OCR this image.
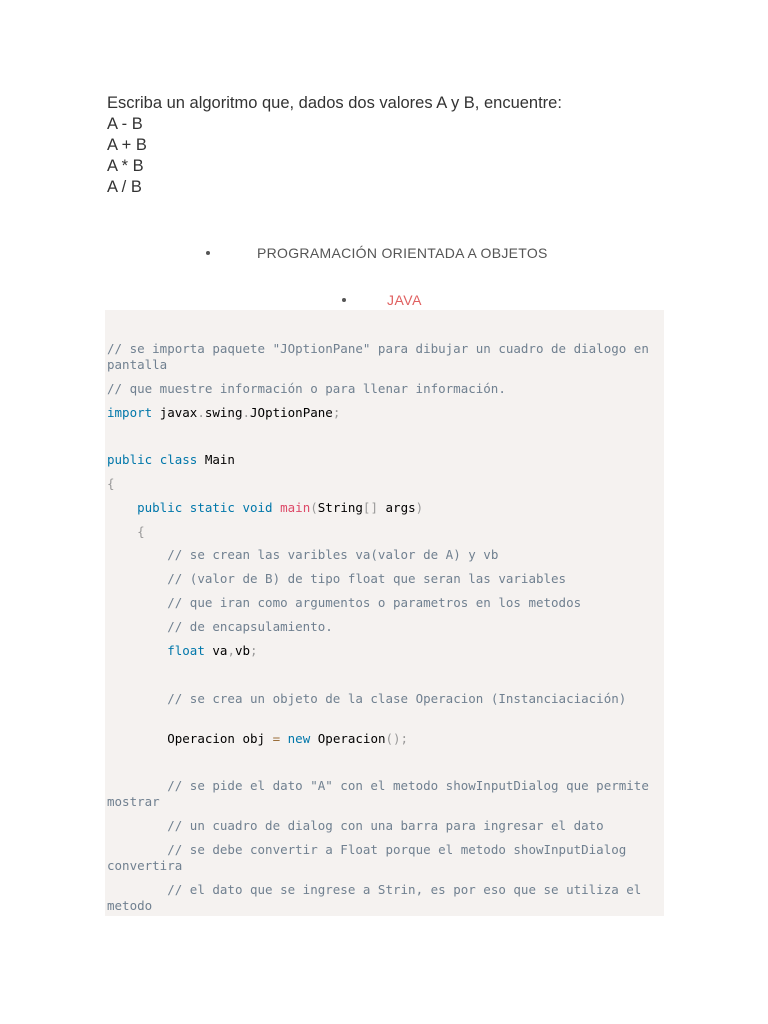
Escriba un algoritmo que, dados dos valores A y B, encuentre:
A - B
A + B
A * B
A / B
PROGRAMACIÓN ORIENTADA A OBJETOS
JAVA
// se importa paquete "JOptionPane" para dibujar un cuadro de dialogo en pantalla
// que muestre información o para llenar información.
import javax.swing.JOptionPane;
public class Main
{
public static void main(String[] args)
{
// se crean las varibles va(valor de A) y vb
// (valor de B) de tipo float que seran las variables
// que iran como argumentos o parametros en los metodos
// de encapsulamiento.
float va,vb;
// se crea un objeto de la clase Operacion (Instanciaciación)
Operacion obj = new Operacion();
// se pide el dato "A" con el metodo showInputDialog que permite mostrar
// un cuadro de dialog con una barra para ingresar el dato
// se debe convertir a Float porque el metodo showInputDialog convertira
// el dato que se ingrese a Strin, es por eso que se utiliza el metodo
